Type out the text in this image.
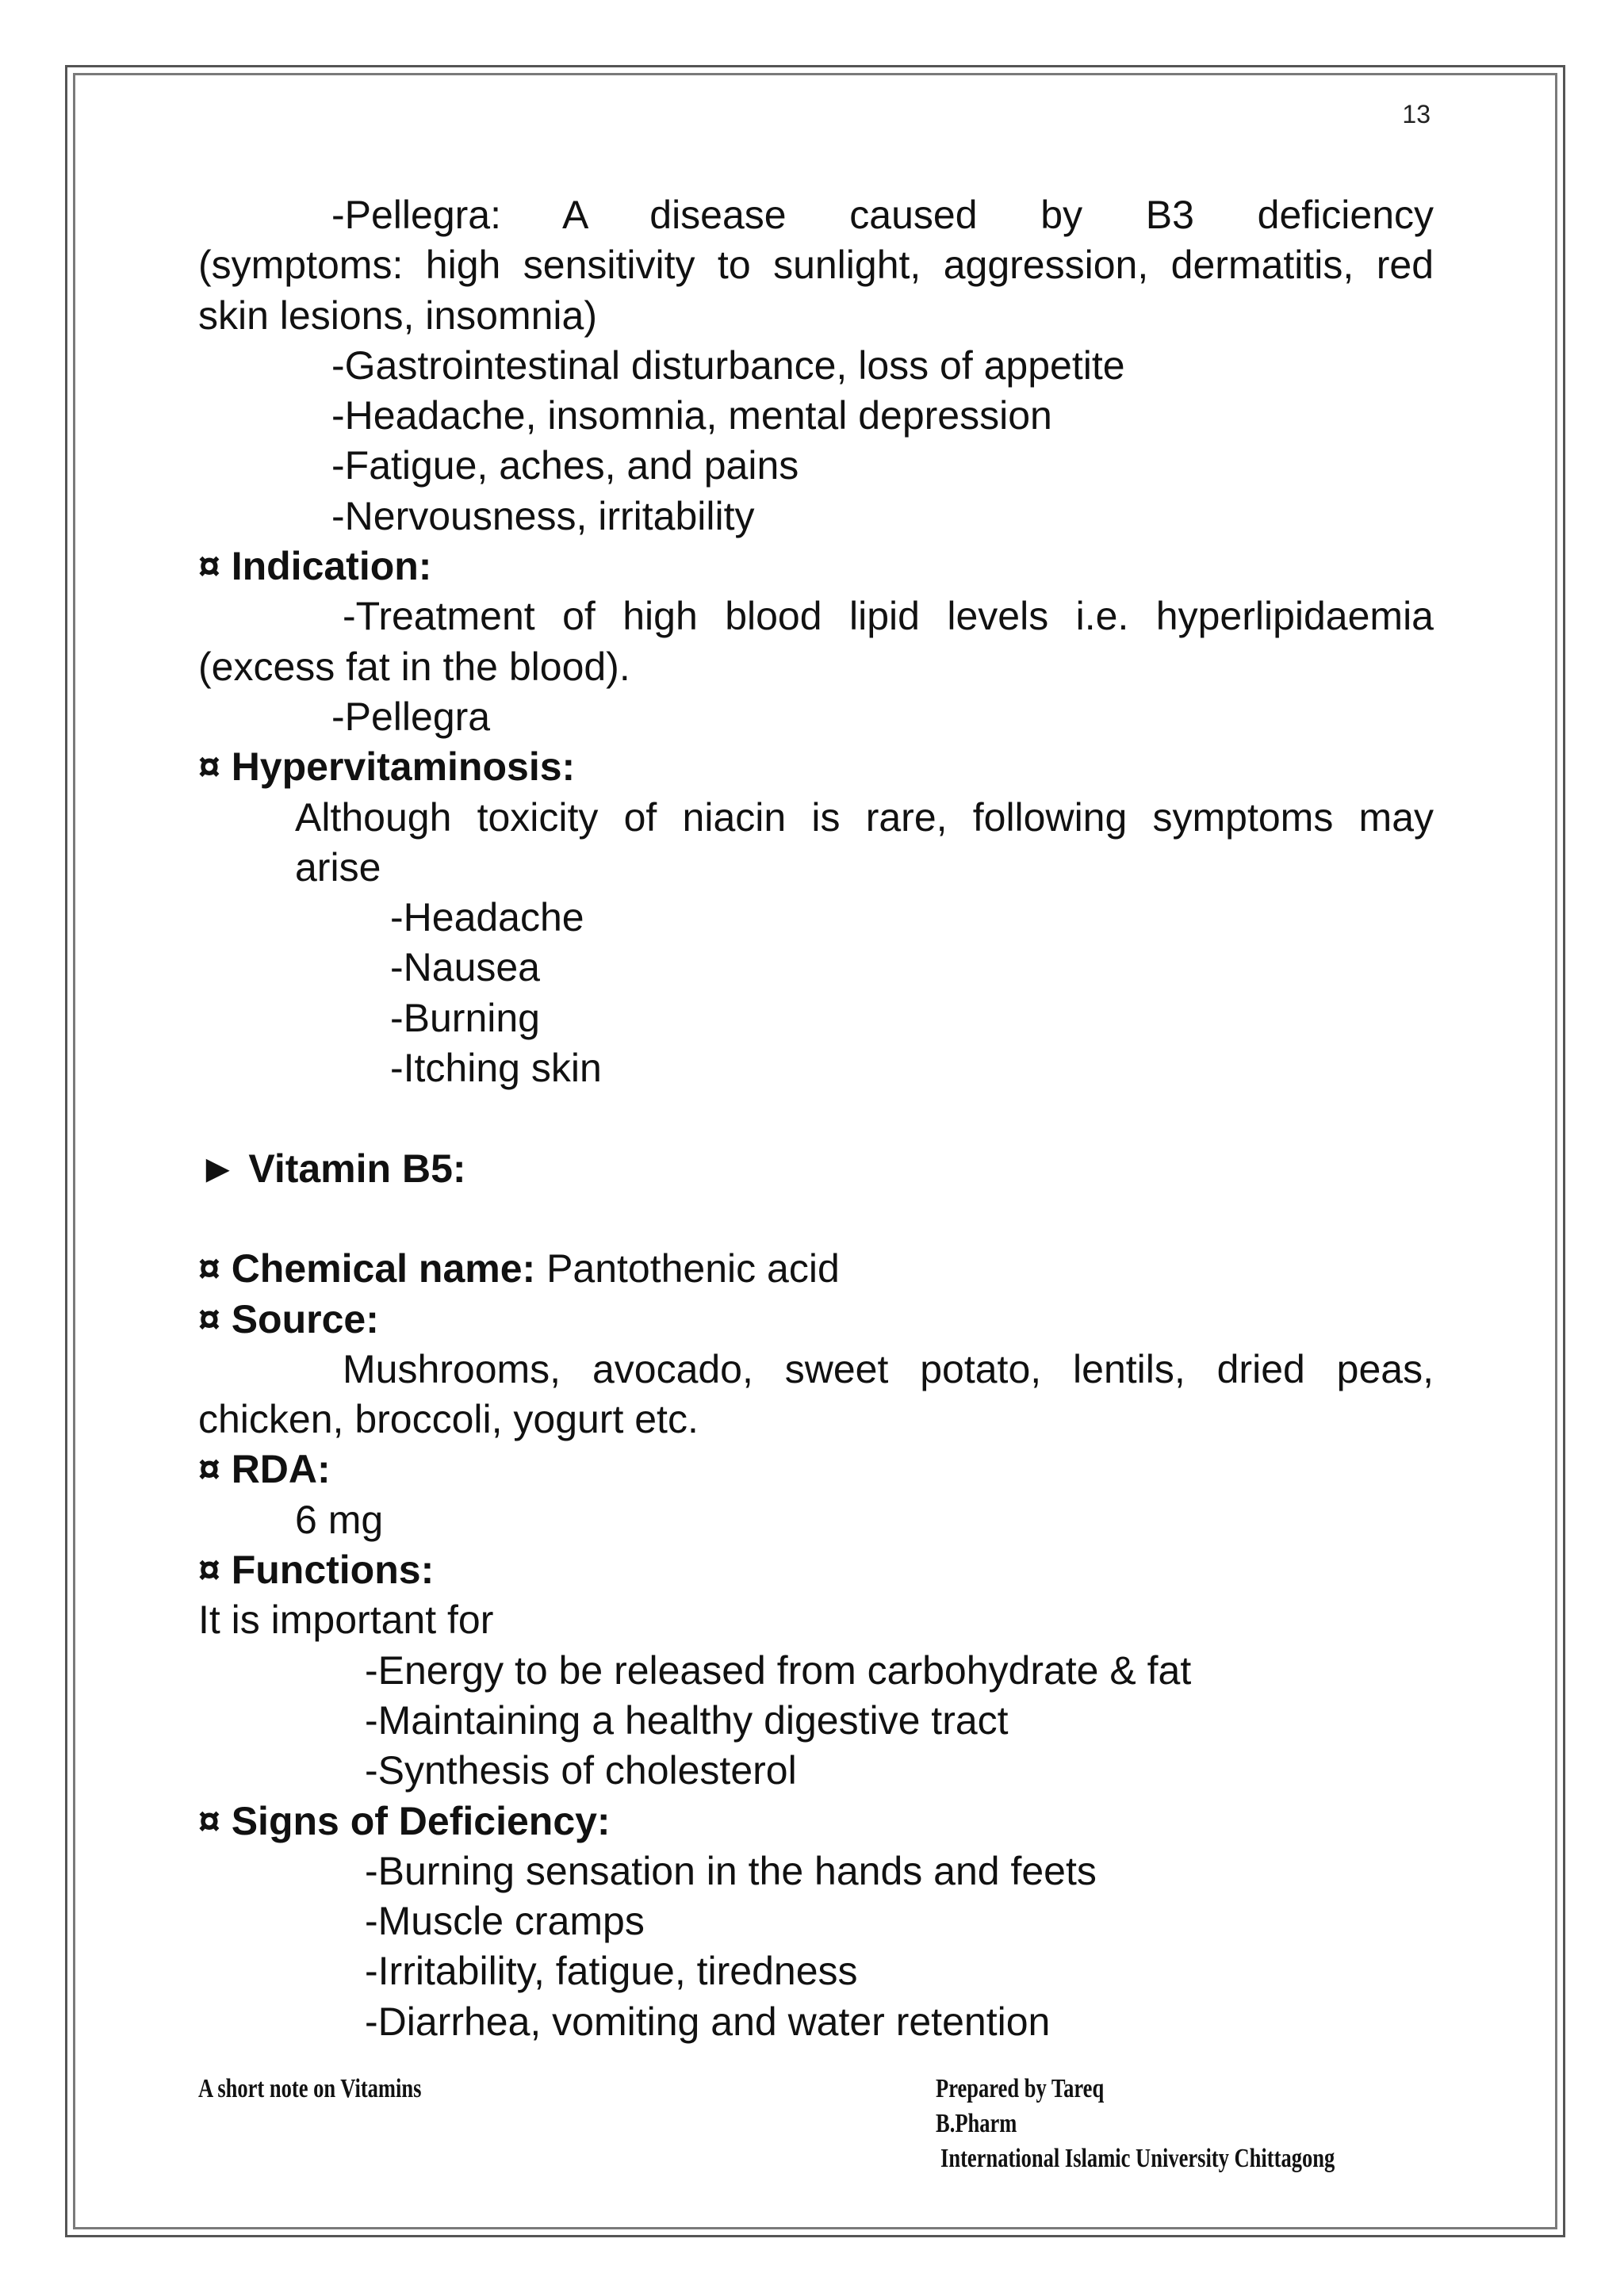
13
-Pellegra: A disease caused by B3 deficiency
(symptoms: high sensitivity to sunlight, aggression, dermatitis, red skin lesions, insomnia)
-Gastrointestinal disturbance, loss of appetite
-Headache, insomnia, mental depression
-Fatigue, aches, and pains
-Nervousness, irritability
¤ Indication:
-Treatment of high blood lipid levels i.e. hyperlipidaemia
(excess fat in the blood).
-Pellegra
¤ Hypervitaminosis:
Although toxicity of niacin is rare, following symptoms may
arise
-Headache
-Nausea
-Burning
-Itching skin
► Vitamin B5:
¤ Chemical name: Pantothenic acid
¤ Source:
Mushrooms, avocado, sweet potato, lentils, dried peas,
chicken, broccoli, yogurt etc.
¤ RDA:
6 mg
¤ Functions:
It is important for
-Energy to be released from carbohydrate & fat
-Maintaining a healthy digestive tract
-Synthesis of cholesterol
¤ Signs of Deficiency:
-Burning sensation in the hands and feets
-Muscle cramps
-Irritability, fatigue, tiredness
-Diarrhea, vomiting and water retention
A short note on Vitamins	Prepared by Tareq
B.Pharm
International Islamic University Chittagong
